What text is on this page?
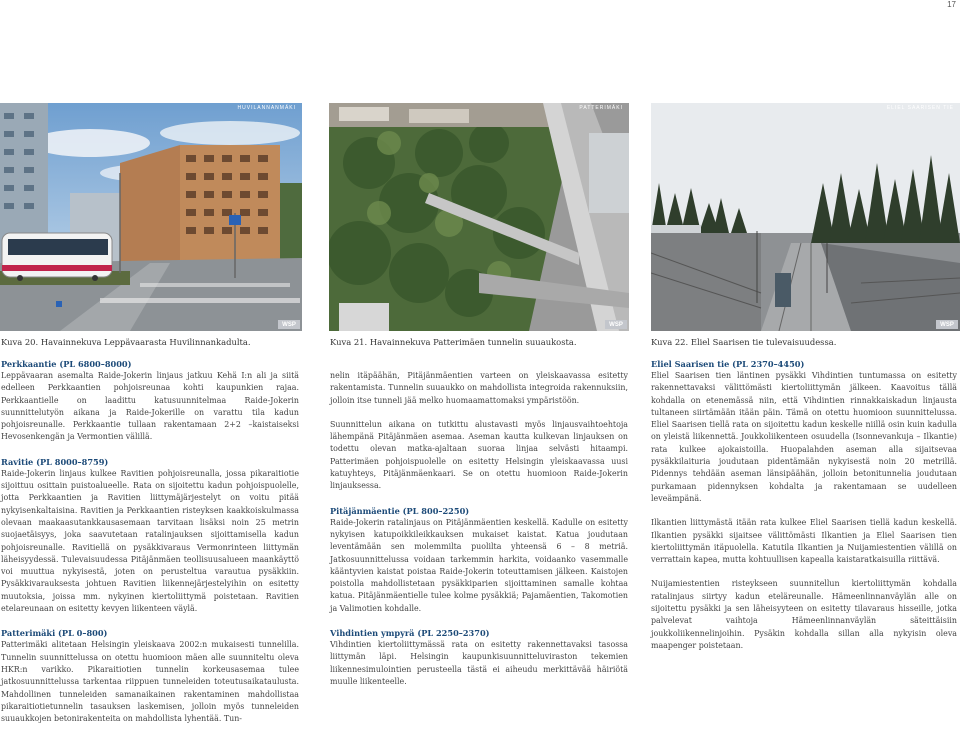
17
HUVILANNANMÄKI
WSP
PATTERIMÄKI
WSP
ELIEL SAARISEN TIE
WSP
Kuva 20. Havainnekuva Leppävaarasta Huvilinnankadulta.	Kuva 21. Havainnekuva Patterimäen tunnelin suuaukosta.	Kuva 22. Eliel Saarisen tie tulevaisuudessa.
Perkkaantie (PL 6800–8000)

Leppävaaran asemalta Raide-Jokerin linjaus jatkuu Kehä I:n ali ja siitä edelleen Perkkaantien pohjoisreunaa kohti kaupunkien rajaa. Perkkaantielle on laadittu katusuunnitelmaa Raide-Jokerin suunnittelutyön aikana ja Raide-Jokerille on varattu tila kadun pohjoisreunalle. Perkkaantie tullaan rakentamaan 2+2 –kaistaiseksi Hevosenkengän ja Vermontien välillä.

Ravitie (PL 8000–8759)

Raide-Jokerin linjaus kulkee Ravitien pohjoisreunalla, jossa pikaraitiotie sijoittuu osittain puistoalueelle. Rata on sijoitettu kadun pohjoispuolelle, jotta Perkkaantien ja Ravitien liittymäjärjestelyt on voitu pitää nykyisenkaltaisina. Ravitien ja Perkkaantien risteyksen kaakkoiskulmassa olevaan maakaasutankkausasemaan tarvitaan lisäksi noin 25 metrin suojaetäisyys, joka saavutetaan ratalinjauksen sijoittamisella kadun pohjoisreunalle. Ravitiellä on pysäkkivaraus Vermonrinteen liittymän läheisyydessä. Tulevaisuudessa Pitäjänmäen teollisuusalueen maankäyttö voi muuttua nykyisestä, joten on perusteltua varautua pysäkkiin. Pysäkkivarauksesta johtuen Ravitien liikennejärjestelyihin on esitetty muutoksia, joissa mm. nykyinen kiertoliittymä poistetaan. Ravitien etelareunaan on esitetty kevyen liikenteen väylä.

Patterimäki (PL 0–800)

Patterimäki alitetaan Helsingin yleiskaava 2002:n mukaisesti tunnelilla. Tunnelin suunnittelussa on otettu huomioon mäen alle suunniteltu oleva HKR:n varikko. Pikaraitiotien tunnelin korkeusasemaa tulee jatkosuunnittelussa tarkentaa riippuen tunneleiden toteutusaikataulusta. Mahdollinen tunneleiden samanaikainen rakentaminen mahdollistaa pikaraitiotietunnelin tasauksen laskemisen, jolloin myös tunneleiden suuaukkojen betonirakenteita on mahdollista lyhentää. Tun-

nelin itäpäähän, Pitäjänmäentien varteen on yleiskaavassa esitetty rakentamista. Tunnelin suuaukko on mahdollista integroida rakennuksiin, jolloin itse tunneli jää melko huomaamattomaksi ympäristöön.

Suunnittelun aikana on tutkittu alustavasti myös linjausvaihtoehtoja lähempänä Pitäjänmäen asemaa. Aseman kautta kulkevan linjauksen on todettu olevan matka-ajaltaan suoraa linjaa selvästi hitaampi. Patterimäen pohjoispuolelle on esitetty Helsingin yleiskaavassa uusi katuyhteys, Pitäjänmäenkaari. Se on otettu huomioon Raide-Jokerin linjauksessa.

Pitäjänmäentie (PL 800–2250)

Raide-Jokerin ratalinjaus on Pitäjänmäentien keskellä. Kadulle on esitetty nykyisen katupoikkileikkauksen mukaiset kaistat. Katua joudutaan leventämään sen molemmilta puolilta yhteensä 6 – 8 metriä. Jatkosuunnittelussa voidaan tarkemmin harkita, voidaanko vasemmalle kääntyvien kaistat poistaa Raide-Jokerin toteuttamisen jälkeen. Kaistojen poistolla mahdollistetaan pysäkkiparien sijoittaminen samalle kohtaa katua. Pitäjänmäentielle tulee kolme pysäkkiä; Pajamäentien, Takomotien ja Valimotien kohdalle.

Vihdintien ympyrä (PL 2250–2370)

Vihdintien kiertoliittymässä rata on esitetty rakennettavaksi tasossa liittymän läpi. Helsingin kaupunkisuunnitteluviraston tekemien liikennesimulointien perusteella tästä ei aiheudu merkittävää häiriötä muulle liikenteelle.

Eliel Saarisen tie (PL 2370–4450)

Eliel Saarisen tien läntinen pysäkki Vihdintien tuntumassa on esitetty rakennettavaksi välittömästi kiertoliittymän jälkeen. Kaavoitus tällä kohdalla on etenemässä niin, että Vihdintien rinnakkaiskadun linjausta tultaneen siirtämään itään päin. Tämä on otettu huomioon suunnittelussa. Eliel Saarisen tiellä rata on sijoitettu kadun keskelle niillä osin kuin kadulla on yleistä liikennettä. Joukkoliikenteen osuudella (Isonnevankuja – Ilkantie) rata kulkee ajokaistoilla. Huopalahden aseman alla sijaitsevaa pysäkkilaituria joudutaan pidentämään nykyisestä noin 20 metrillä. Pidennys tehdään aseman länsipäähän, jolloin betonitunnelia joudutaan purkamaan pidennyksen kohdalta ja rakentamaan se uudelleen leveämpänä.

Ilkantien liittymästä itään rata kulkee Eliel Saarisen tiellä kadun keskellä. Ilkantien pysäkki sijaitsee välittömästi Ilkantien ja Eliel Saarisen tien kiertoliittymän itäpuolella. Katutila Ilkantien ja Nuijamiestentien välillä on verrattain kapea, mutta kohtuullisen kapealla kaistaratkaisuilla riittävä.

Nuijamiestentien risteykseen suunnitellun kiertoliittymän kohdalla ratalinjaus siirtyy kadun eteläreunalle. Hämeenlinnanväylän alle on sijoitettu pysäkki ja sen läheisyyteen on esitetty tilavaraus hisseille, jotka palvelevat vaihtoja Hämeenlinnanväylän säteittäisiin joukkoliikennelinjoihin. Pysäkin kohdalla sillan alla nykyisin oleva maapenger poistetaan.
